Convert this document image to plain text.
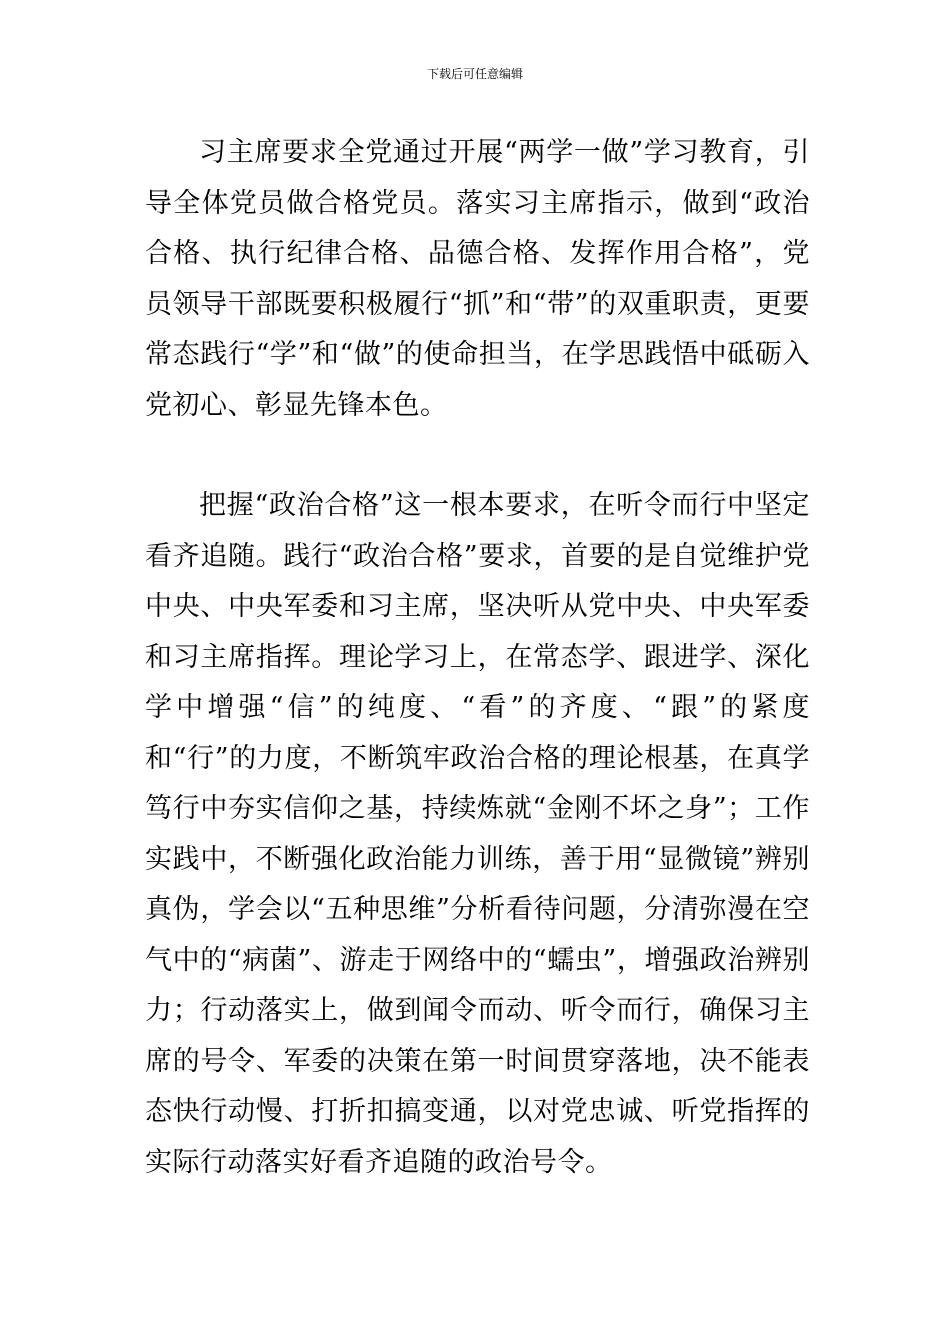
下载后可任意编辑

习主席要求全党通过开展“两学一做”学习教育，引导全体党员做合格党员。落实习主席指示，做到“政治合格、执行纪律合格、品德合格、发挥作用合格”，党员领导干部既要积极履行“抓”和“带”的双重职责，更要常态践行“学”和“做”的使命担当，在学思践悟中砥砺入党初心、彰显先锋本色。

把握“政治合格”这一根本要求，在听令而行中坚定看齐追随。践行“政治合格”要求，首要的是自觉维护党中央、中央军委和习主席，坚决听从党中央、中央军委和习主席指挥。理论学习上，在常态学、跟进学、深化学中增强“信”的纯度、“看”的齐度、“跟”的紧度和“行”的力度，不断筑牢政治合格的理论根基，在真学笃行中夯实信仰之基，持续炼就“金刚不坏之身”；工作实践中，不断强化政治能力训练，善于用“显微镜”辨别真伪，学会以“五种思维”分析看待问题，分清弥漫在空气中的“病菌”、游走于网络中的“蠕虫”，增强政治辨别力；行动落实上，做到闻令而动、听令而行，确保习主席的号令、军委的决策在第一时间贯穿落地，决不能表态快行动慢、打折扣搞变通，以对党忠诚、听党指挥的实际行动落实好看齐追随的政治号令。
